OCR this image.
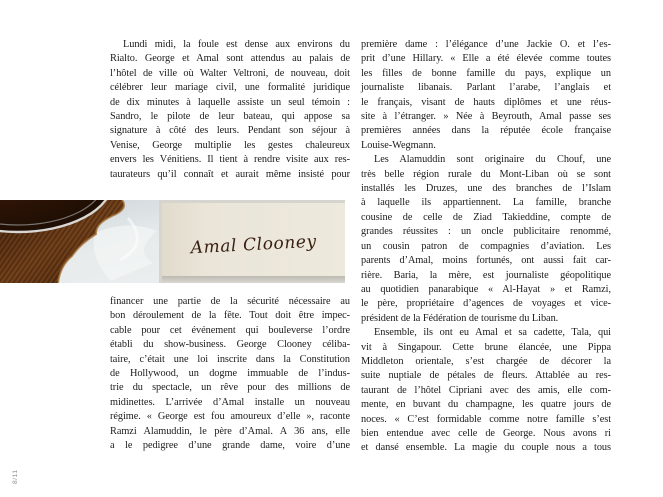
8/11
Lundi midi, la foule est dense aux environs du
Rialto. George et Amal sont attendus au palais de
l’hôtel de ville où Walter Veltroni, de nouveau, doit
célébrer leur mariage civil, une formalité juridique
de dix minutes à laquelle assiste un seul témoin :
Sandro, le pilote de leur bateau, qui appose sa
signature à côté des leurs. Pendant son séjour à
Venise, George multiplie les gestes chaleureux
envers les Vénitiens. Il tient à rendre visite aux res-
taurateurs qu’il connaît et aurait même insisté pour
Amal Clooney
financer une partie de la sécurité nécessaire au
bon déroulement de la fête. Tout doit être impec-
cable pour cet événement qui bouleverse l’ordre
établi du show-business. George Clooney céliba-
taire, c’était une loi inscrite dans la Constitution
de Hollywood, un dogme immuable de l’indus-
trie du spectacle, un rêve pour des millions de
midinettes. L’arrivée d’Amal installe un nouveau
régime. « George est fou amoureux d’elle », raconte
Ramzi Alamuddin, le père d’Amal. A 36 ans, elle
a le pedigree d’une grande dame, voire d’une
première dame : l’élégance d’une Jackie O. et l’es-
prit d’une Hillary. « Elle a été élevée comme toutes
les filles de bonne famille du pays, explique un
journaliste libanais. Parlant l’arabe, l’anglais et
le français, visant de hauts diplômes et une réus-
site à l’étranger. » Née à Beyrouth, Amal passe ses
premières années dans la réputée école française
Louise-Wegmann.
Les Alamuddin sont originaire du Chouf, une
très belle région rurale du Mont-Liban où se sont
installés les Druzes, une des branches de l’Islam
à laquelle ils appartiennent. La famille, branche
cousine de celle de Ziad Takieddine, compte de
grandes réussites : un oncle publicitaire renommé,
un cousin patron de compagnies d’aviation. Les
parents d’Amal, moins fortunés, ont aussi fait car-
rière. Baria, la mère, est journaliste géopolitique
au quotidien panarabique « Al-Hayat » et Ramzi,
le père, propriétaire d’agences de voyages et vice-
président de la Fédération de tourisme du Liban.
Ensemble, ils ont eu Amal et sa cadette, Tala, qui
vit à Singapour. Cette brune élancée, une Pippa
Middleton orientale, s’est chargée de décorer la
suite nuptiale de pétales de fleurs. Attablée au res-
taurant de l’hôtel Cipriani avec des amis, elle com-
mente, en buvant du champagne, les quatre jours de
noces. « C’est formidable comme notre famille s’est
bien entendue avec celle de George. Nous avons ri
et dansé ensemble. La magie du couple nous a tous
